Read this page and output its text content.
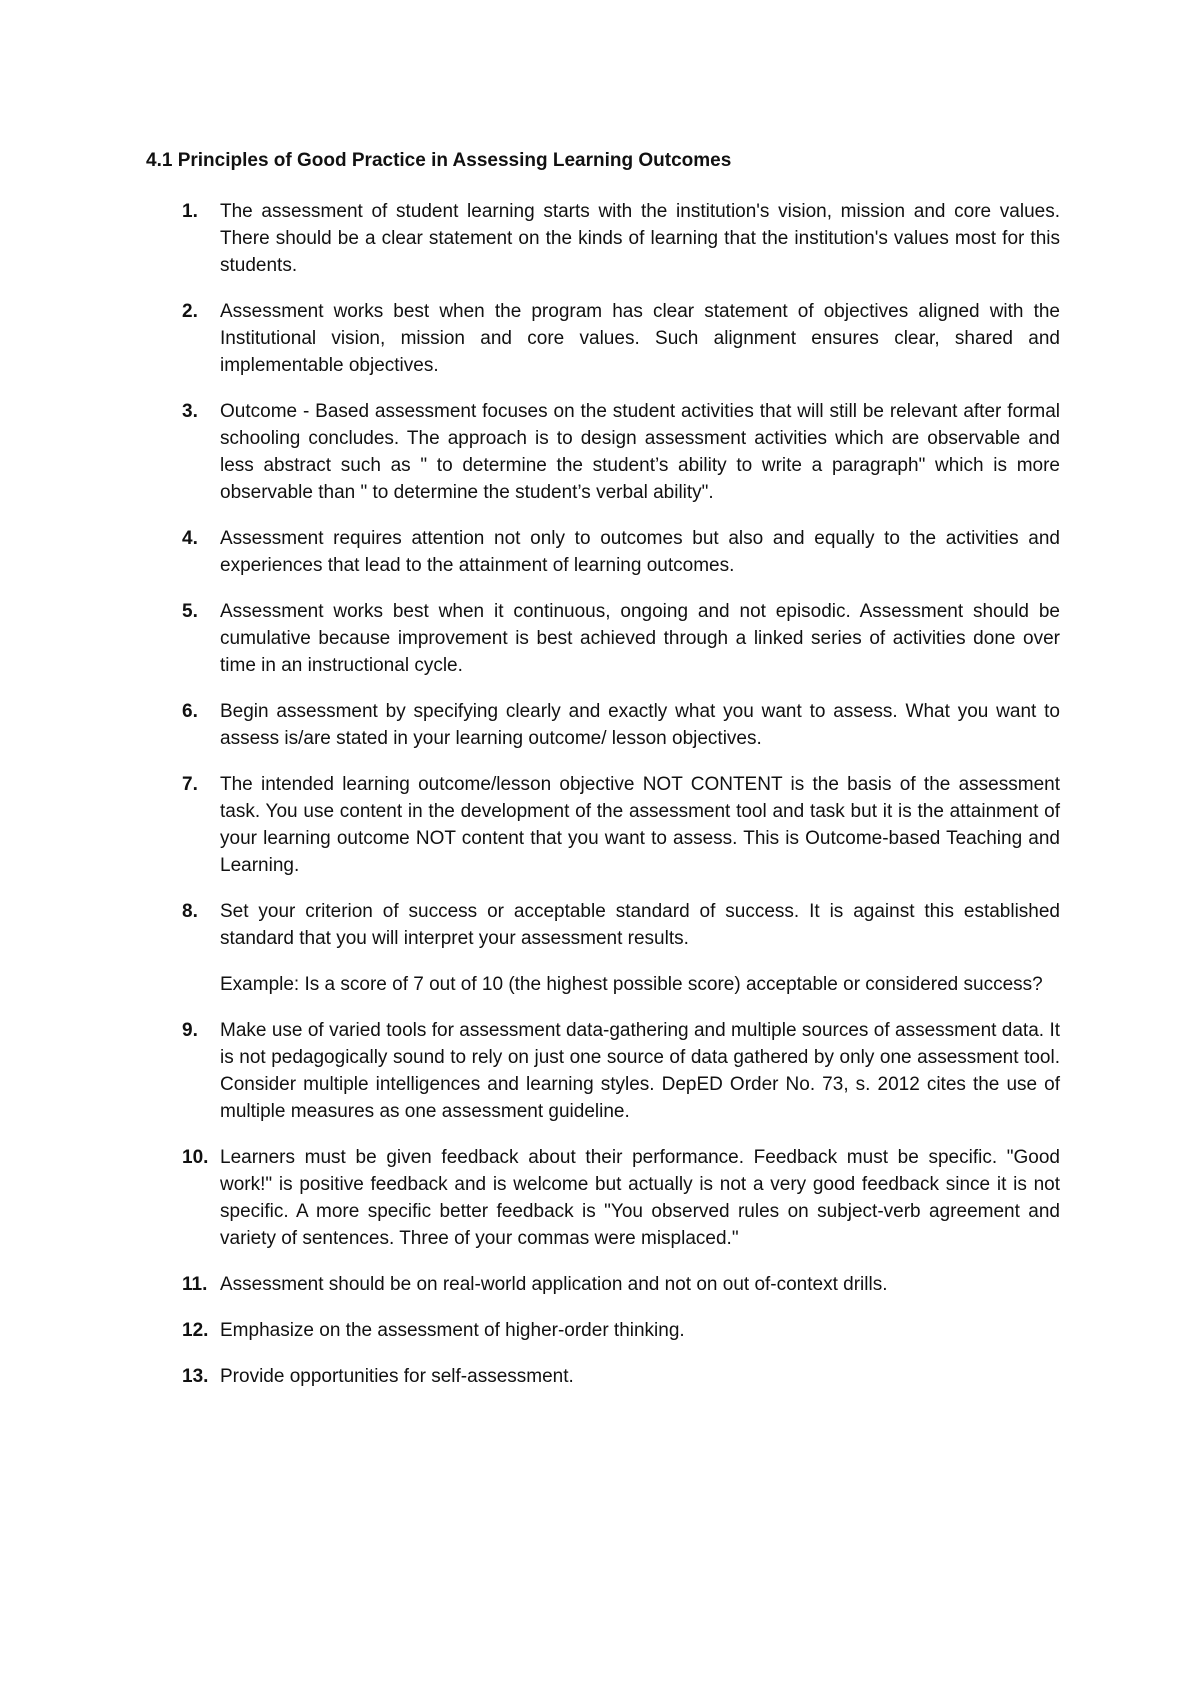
4.1 Principles of Good Practice in Assessing Learning Outcomes
1.	The assessment of student learning starts with the institution's vision, mission and core values. There should be a clear statement on the kinds of learning that the institution's values most for this students.
2.	Assessment works best when the program has clear statement of objectives aligned with the Institutional vision, mission and core values. Such alignment ensures clear, shared and implementable objectives.
3.	Outcome - Based assessment focuses on the student activities that will still be relevant after formal schooling concludes. The approach is to design assessment activities which are observable and less abstract such as " to determine the student’s ability to write a paragraph" which is more observable than " to determine the student’s verbal ability".
4.	Assessment requires attention not only to outcomes but also and equally to the activities and experiences that lead to the attainment of learning outcomes.
5.	Assessment works best when it continuous, ongoing and not episodic. Assessment should be cumulative because improvement is best achieved through a linked series of activities done over time in an instructional cycle.
6.	Begin assessment by specifying clearly and exactly what you want to assess. What you want to assess is/are stated in your learning outcome/ lesson objectives.
7.	The intended learning outcome/lesson objective NOT CONTENT is the basis of the assessment task. You use content in the development of the assessment tool and task but it is the attainment of your learning outcome NOT content that you want to assess. This is Outcome-based Teaching and Learning.
8.	Set your criterion of success or acceptable standard of success. It is against this established standard that you will interpret your assessment results.
Example: Is a score of 7 out of 10 (the highest possible score) acceptable or considered success?
9.	Make use of varied tools for assessment data-gathering and multiple sources of assessment data. It is not pedagogically sound to rely on just one source of data gathered by only one assessment tool. Consider multiple intelligences and learning styles. DepED Order No. 73, s. 2012 cites the use of multiple measures as one assessment guideline.
10. Learners must be given feedback about their performance. Feedback must be specific. "Good work!" is positive feedback and is welcome but actually is not a very good feedback since it is not specific. A more specific better feedback is "You observed rules on subject-verb agreement and variety of sentences. Three of your commas were misplaced."
11. Assessment should be on real-world application and not on out of-context drills.
12. Emphasize on the assessment of higher-order thinking.
13. Provide opportunities for self-assessment.
